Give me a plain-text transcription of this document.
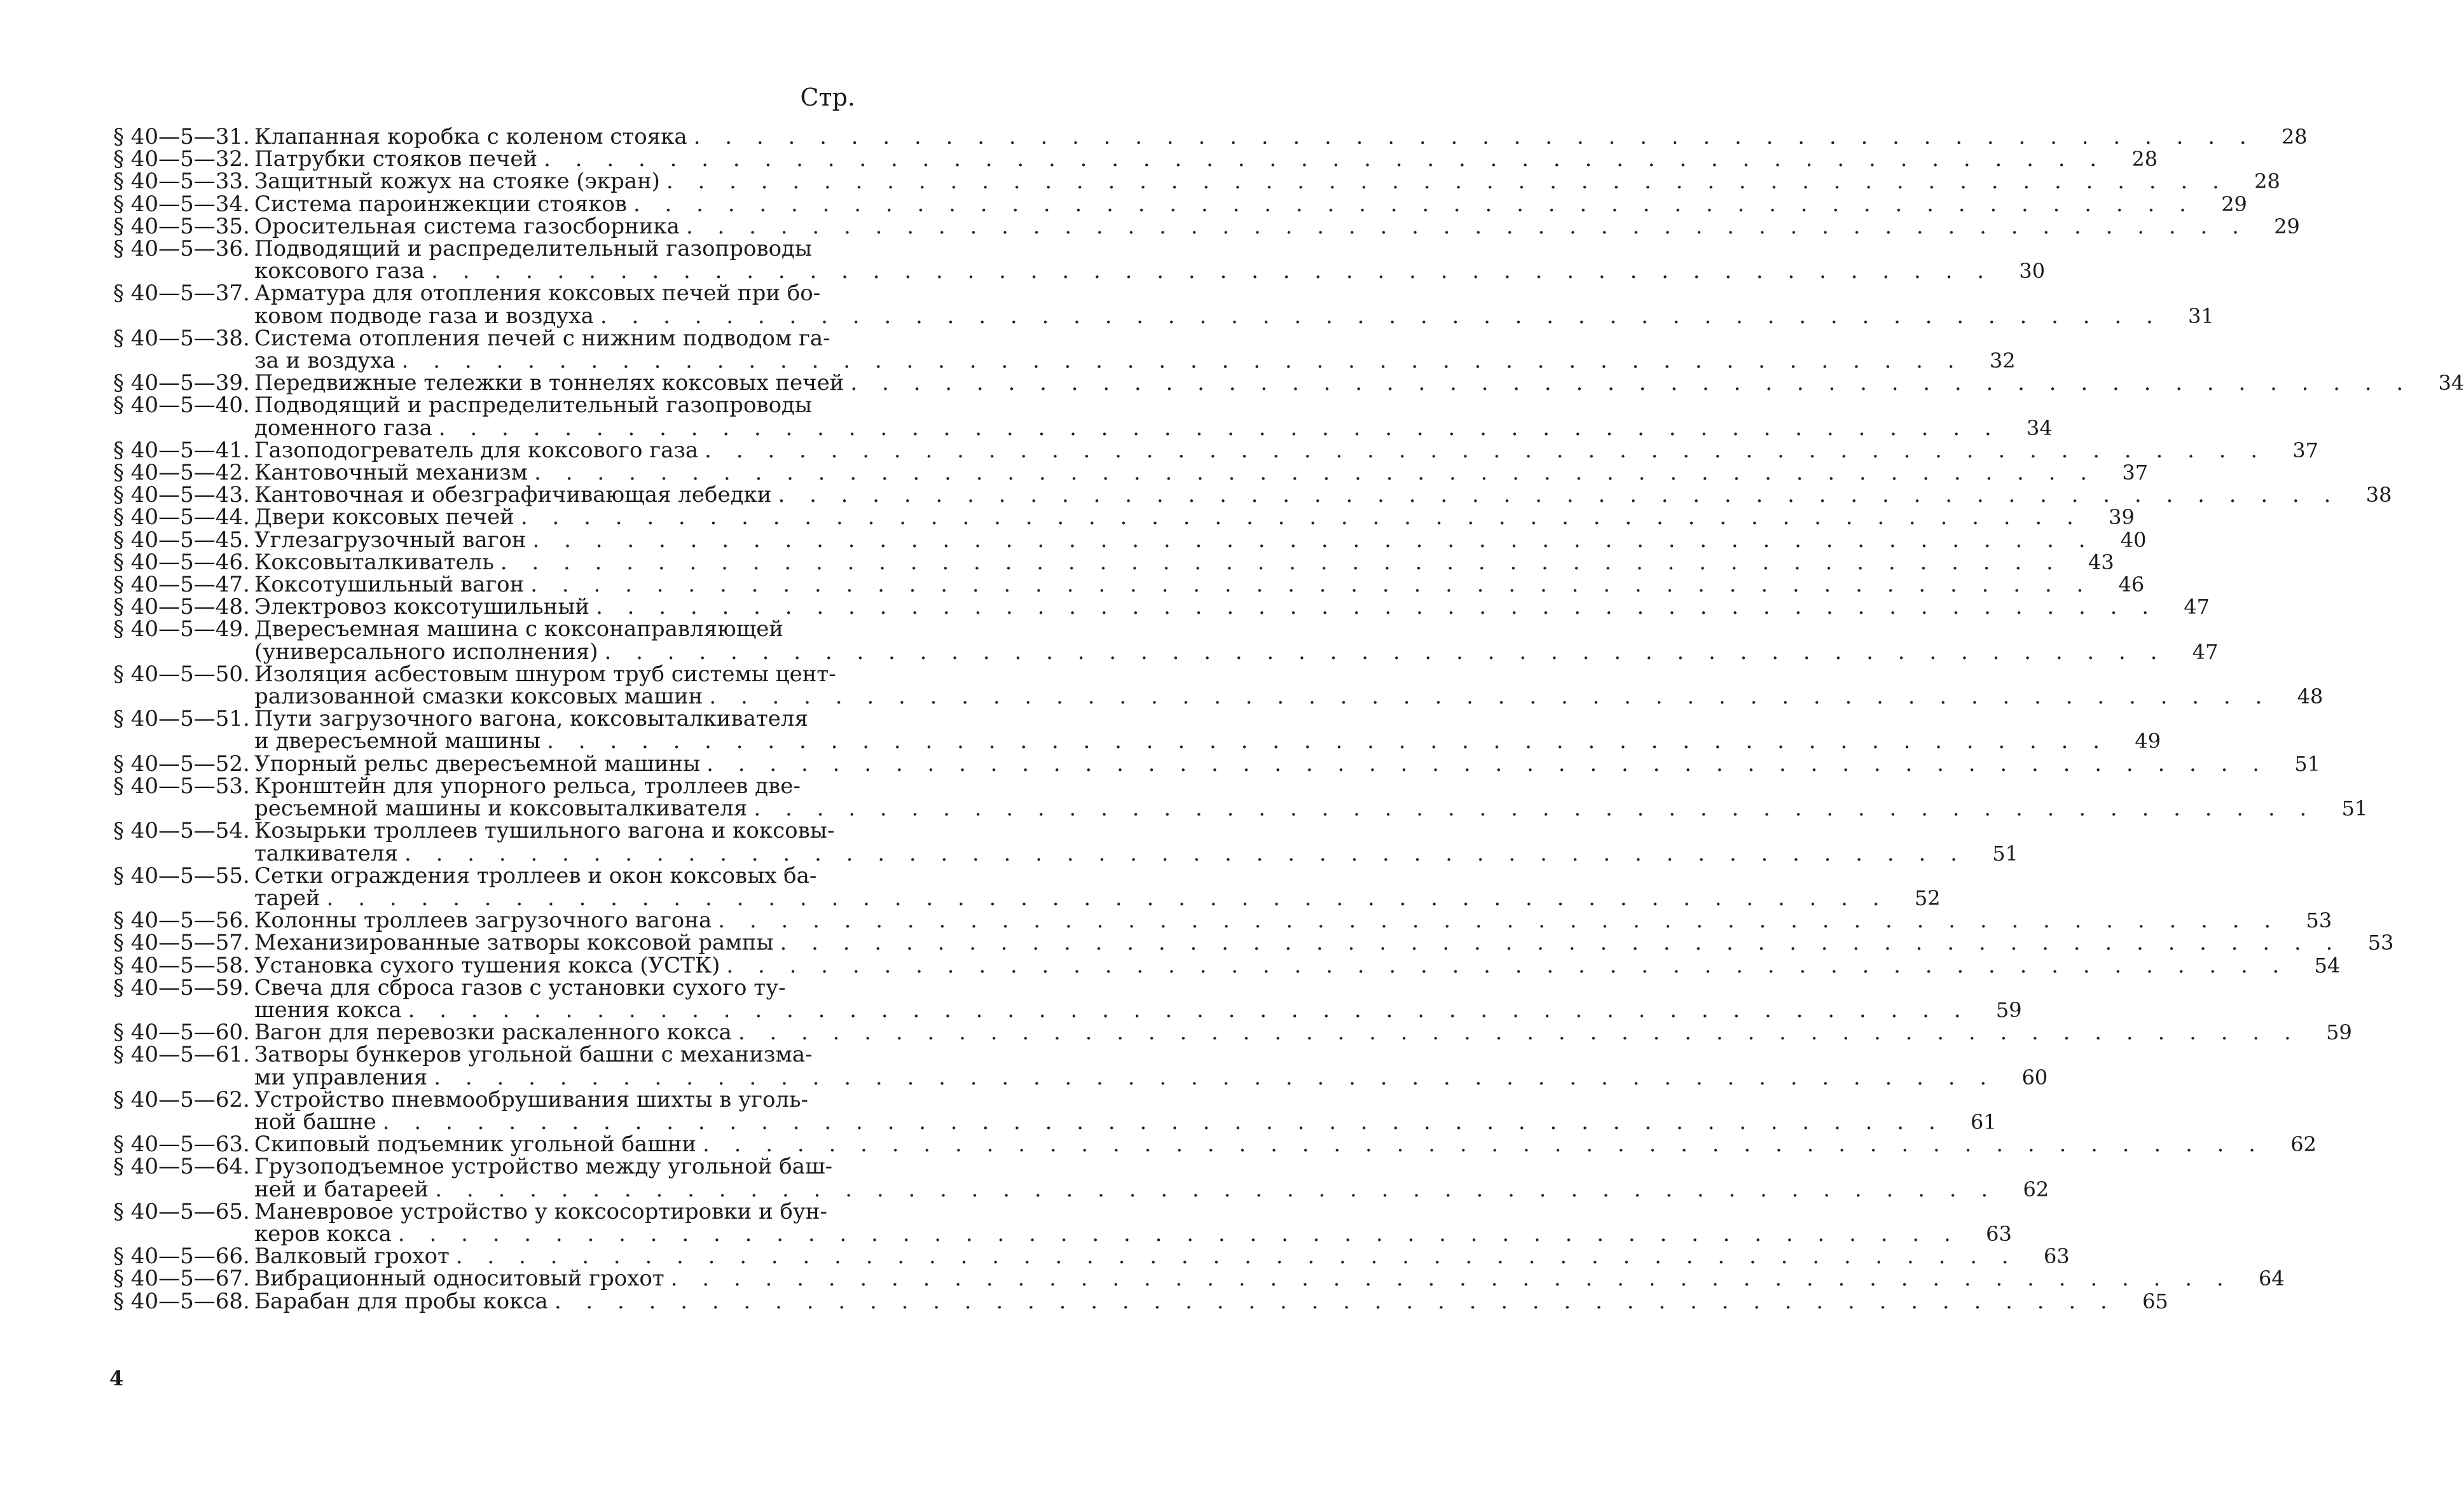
Стр.
§ 40—5—31. Клапанная коробка с коленом стояка . . .	28
§ 40—5—32. Патрубки стояков печей . . .	28
§ 40—5—33. Защитный кожух на стояке (экран) . . .	28
§ 40—5—34. Система пароинжекции стояков . . .	29
§ 40—5—35. Оросительная система газосборника . . .	29
§ 40—5—36. Подводящий и распределительный газопроводы
коксового газа . . .	30
§ 40—5—37. Арматура для отопления коксовых печей при бо-
ковом подводе газа и воздуха . . .	31
§ 40—5—38. Система отопления печей с нижним подводом га-
за и воздуха . . .	32
§ 40—5—39. Передвижные тележки в тоннелях коксовых печей . . .	34
§ 40—5—40. Подводящий и распределительный газопроводы
доменного газа . . .	34
§ 40—5—41. Газоподогреватель для коксового газа . . .	37
§ 40—5—42. Кантовочный механизм . . .	37
§ 40—5—43. Кантовочная и обезграфичивающая лебедки . . .	38
§ 40—5—44. Двери коксовых печей . . .	39
§ 40—5—45. Углезагрузочный вагон . . .	40
§ 40—5—46. Коксовыталкиватель . . .	43
§ 40—5—47. Коксотушильный вагон . . .	46
§ 40—5—48. Электровоз коксотушильный . . .	47
§ 40—5—49. Двересъемная машина с коксонаправляющей
(универсального исполнения) . . .	47
§ 40—5—50. Изоляция асбестовым шнуром труб системы цент-
рализованной смазки коксовых машин . . .	48
§ 40—5—51. Пути загрузочного вагона, коксовыталкивателя
и двересъемной машины . . .	49
§ 40—5—52. Упорный рельс двересъемной машины . . .	51
§ 40—5—53. Кронштейн для упорного рельса, троллеев две-
ресъемной машины и коксовыталкивателя . . .	51
§ 40—5—54. Козырьки троллеев тушильного вагона и коксовы-
талкивателя . . .	51
§ 40—5—55. Сетки ограждения троллеев и окон коксовых ба-
тарей . . .	52
§ 40—5—56. Колонны троллеев загрузочного вагона . . .	53
§ 40—5—57. Механизированные затворы коксовой рампы . . .	53
§ 40—5—58. Установка сухого тушения кокса (УСТК) . . .	54
§ 40—5—59. Свеча для сброса газов с установки сухого ту-
шения кокса . . .	59
§ 40—5—60. Вагон для перевозки раскаленного кокса . . .	59
§ 40—5—61. Затворы бункеров угольной башни с механизма-
ми управления . . .	60
§ 40—5—62. Устройство пневмообрушивания шихты в уголь-
ной башне . . .	61
§ 40—5—63. Скиповый подъемник угольной башни . . .	62
§ 40—5—64. Грузоподъемное устройство между угольной баш-
ней и батареей . . .	62
§ 40—5—65. Маневровое устройство у коксосортировки и бун-
керов кокса . . .	63
§ 40—5—66. Валковый грохот . . .	63
§ 40—5—67. Вибрационный односитовый грохот . . .	64
§ 40—5—68. Барабан для пробы кокса . . .	65
4
